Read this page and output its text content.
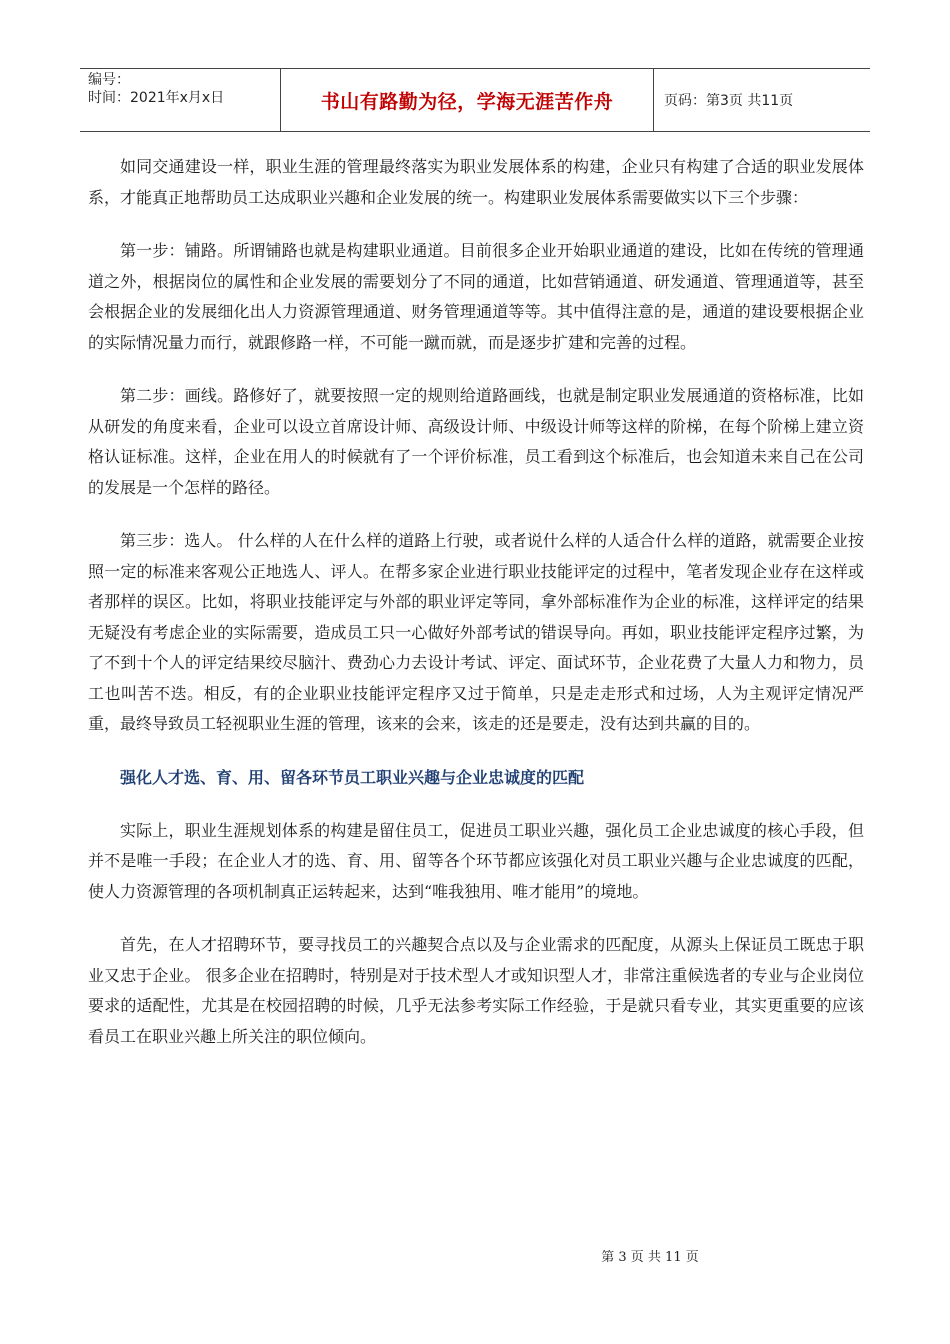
编号：
时间：2021年x月x日	书山有路勤为径，学海无涯苦作舟	页码：第3页 共11页

如同交通建设一样，职业生涯的管理最终落实为职业发展体系的构建，企业只有构建了合适的职业发展体系，才能真正地帮助员工达成职业兴趣和企业发展的统一。构建职业发展体系需要做实以下三个步骤：

第一步：铺路。所谓铺路也就是构建职业通道。目前很多企业开始职业通道的建设，比如在传统的管理通道之外，根据岗位的属性和企业发展的需要划分了不同的通道，比如营销通道、研发通道、管理通道等，甚至会根据企业的发展细化出人力资源管理通道、财务管理通道等等。其中值得注意的是，通道的建设要根据企业的实际情况量力而行，就跟修路一样，不可能一蹴而就，而是逐步扩建和完善的过程。

第二步：画线。路修好了，就要按照一定的规则给道路画线，也就是制定职业发展通道的资格标准，比如从研发的角度来看，企业可以设立首席设计师、高级设计师、中级设计师等这样的阶梯，在每个阶梯上建立资格认证标准。这样，企业在用人的时候就有了一个评价标准，员工看到这个标准后，也会知道未来自己在公司的发展是一个怎样的路径。

第三步：选人。 什么样的人在什么样的道路上行驶，或者说什么样的人适合什么样的道路，就需要企业按照一定的标准来客观公正地选人、评人。在帮多家企业进行职业技能评定的过程中，笔者发现企业存在这样或者那样的误区。比如，将职业技能评定与外部的职业评定等同，拿外部标准作为企业的标准，这样评定的结果无疑没有考虑企业的实际需要，造成员工只一心做好外部考试的错误导向。再如，职业技能评定程序过繁，为了不到十个人的评定结果绞尽脑汁、费劲心力去设计考试、评定、面试环节，企业花费了大量人力和物力，员工也叫苦不迭。相反，有的企业职业技能评定程序又过于简单，只是走走形式和过场，人为主观评定情况严重，最终导致员工轻视职业生涯的管理，该来的会来，该走的还是要走，没有达到共赢的目的。

强化人才选、育、用、留各环节员工职业兴趣与企业忠诚度的匹配

实际上，职业生涯规划体系的构建是留住员工，促进员工职业兴趣，强化员工企业忠诚度的核心手段，但并不是唯一手段；在企业人才的选、育、用、留等各个环节都应该强化对员工职业兴趣与企业忠诚度的匹配，使人力资源管理的各项机制真正运转起来，达到“唯我独用、唯才能用”的境地。

首先，在人才招聘环节，要寻找员工的兴趣契合点以及与企业需求的匹配度，从源头上保证员工既忠于职业又忠于企业。 很多企业在招聘时，特别是对于技术型人才或知识型人才，非常注重候选者的专业与企业岗位要求的适配性，尤其是在校园招聘的时候，几乎无法参考实际工作经验，于是就只看专业，其实更重要的应该看员工在职业兴趣上所关注的职位倾向。

第 3 页 共 11 页
